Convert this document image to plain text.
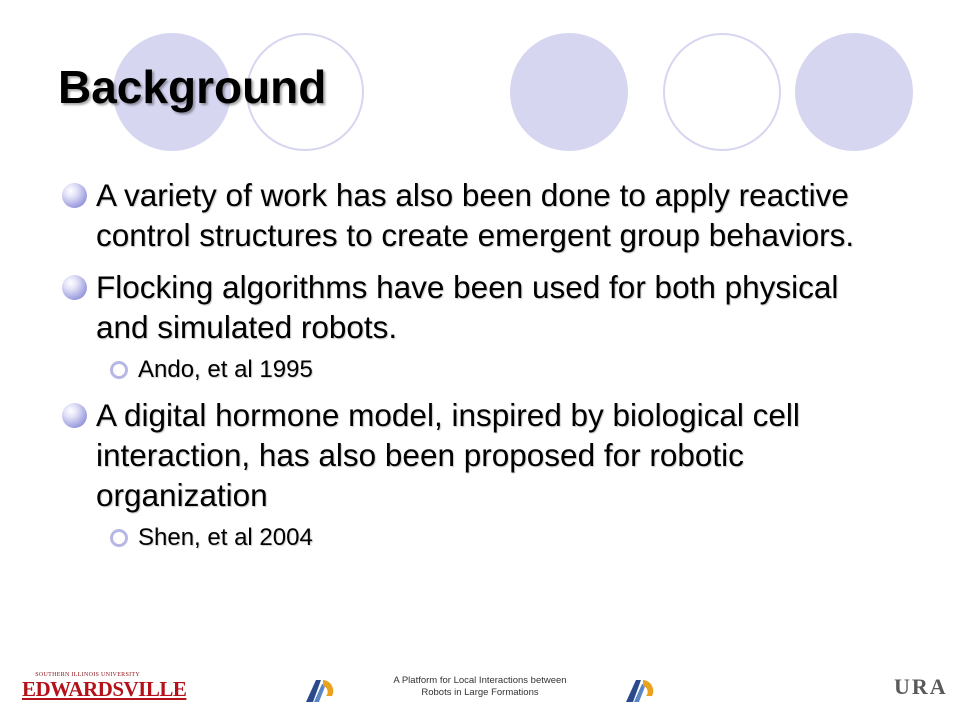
Background
A variety of work has also been done to apply reactive control structures to create emergent group behaviors.
Flocking algorithms have been used for both physical and simulated robots.
Ando, et al 1995
A digital hormone model, inspired by biological cell interaction, has also been proposed for robotic organization
Shen, et al 2004
SOUTHERN ILLINOIS UNIVERSITY
EDWARDSVILLE	A Platform for Local Interactions between
Robots in Large Formations	URA
